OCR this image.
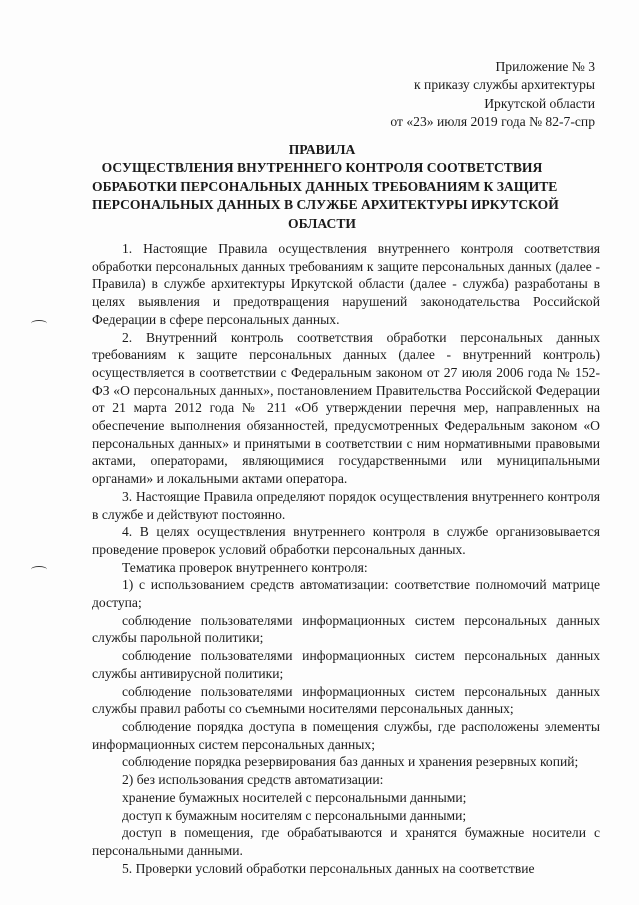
Приложение № 3
к приказу службы архитектуры
Иркутской области
от «23» июля 2019 года № 82-7-спр
ПРАВИЛА
ОСУЩЕСТВЛЕНИЯ ВНУТРЕННЕГО КОНТРОЛЯ СООТВЕТСТВИЯ
ОБРАБОТКИ ПЕРСОНАЛЬНЫХ ДАННЫХ ТРЕБОВАНИЯМ К ЗАЩИТЕ
ПЕРСОНАЛЬНЫХ ДАННЫХ В СЛУЖБЕ АРХИТЕКТУРЫ ИРКУТСКОЙ
ОБЛАСТИ

1. Настоящие Правила осуществления внутреннего контроля соответствия обработки персональных данных требованиям к защите персональных данных (далее - Правила) в службе архитектуры Иркутской области (далее - служба) разработаны в целях выявления и предотвращения нарушений законодательства Российской Федерации в сфере персональных данных.

2. Внутренний контроль соответствия обработки персональных данных требованиям к защите персональных данных (далее - внутренний контроль) осуществляется в соответствии с Федеральным законом от 27 июля 2006 года № 152-ФЗ «О персональных данных», постановлением Правительства Российской Федерации от 21 марта 2012 года № 211 «Об утверждении перечня мер, направленных на обеспечение выполнения обязанностей, предусмотренных Федеральным законом «О персональных данных» и принятыми в соответствии с ним нормативными правовыми актами, операторами, являющимися государственными или муниципальными органами» и локальными актами оператора.

3. Настоящие Правила определяют порядок осуществления внутреннего контроля в службе и действуют постоянно.

4. В целях осуществления внутреннего контроля в службе организовывается проведение проверок условий обработки персональных данных.

Тематика проверок внутреннего контроля:

1) с использованием средств автоматизации: соответствие полномочий матрице доступа;

соблюдение пользователями информационных систем персональных данных службы парольной политики;

соблюдение пользователями информационных систем персональных данных службы антивирусной политики;

соблюдение пользователями информационных систем персональных данных службы правил работы со съемными носителями персональных данных;

соблюдение порядка доступа в помещения службы, где расположены элементы информационных систем персональных данных;

соблюдение порядка резервирования баз данных и хранения резервных копий;

2) без использования средств автоматизации:

хранение бумажных носителей с персональными данными;

доступ к бумажным носителям с персональными данными;

доступ в помещения, где обрабатываются и хранятся бумажные носители с персональными данными.

5. Проверки условий обработки персональных данных на соответствие
